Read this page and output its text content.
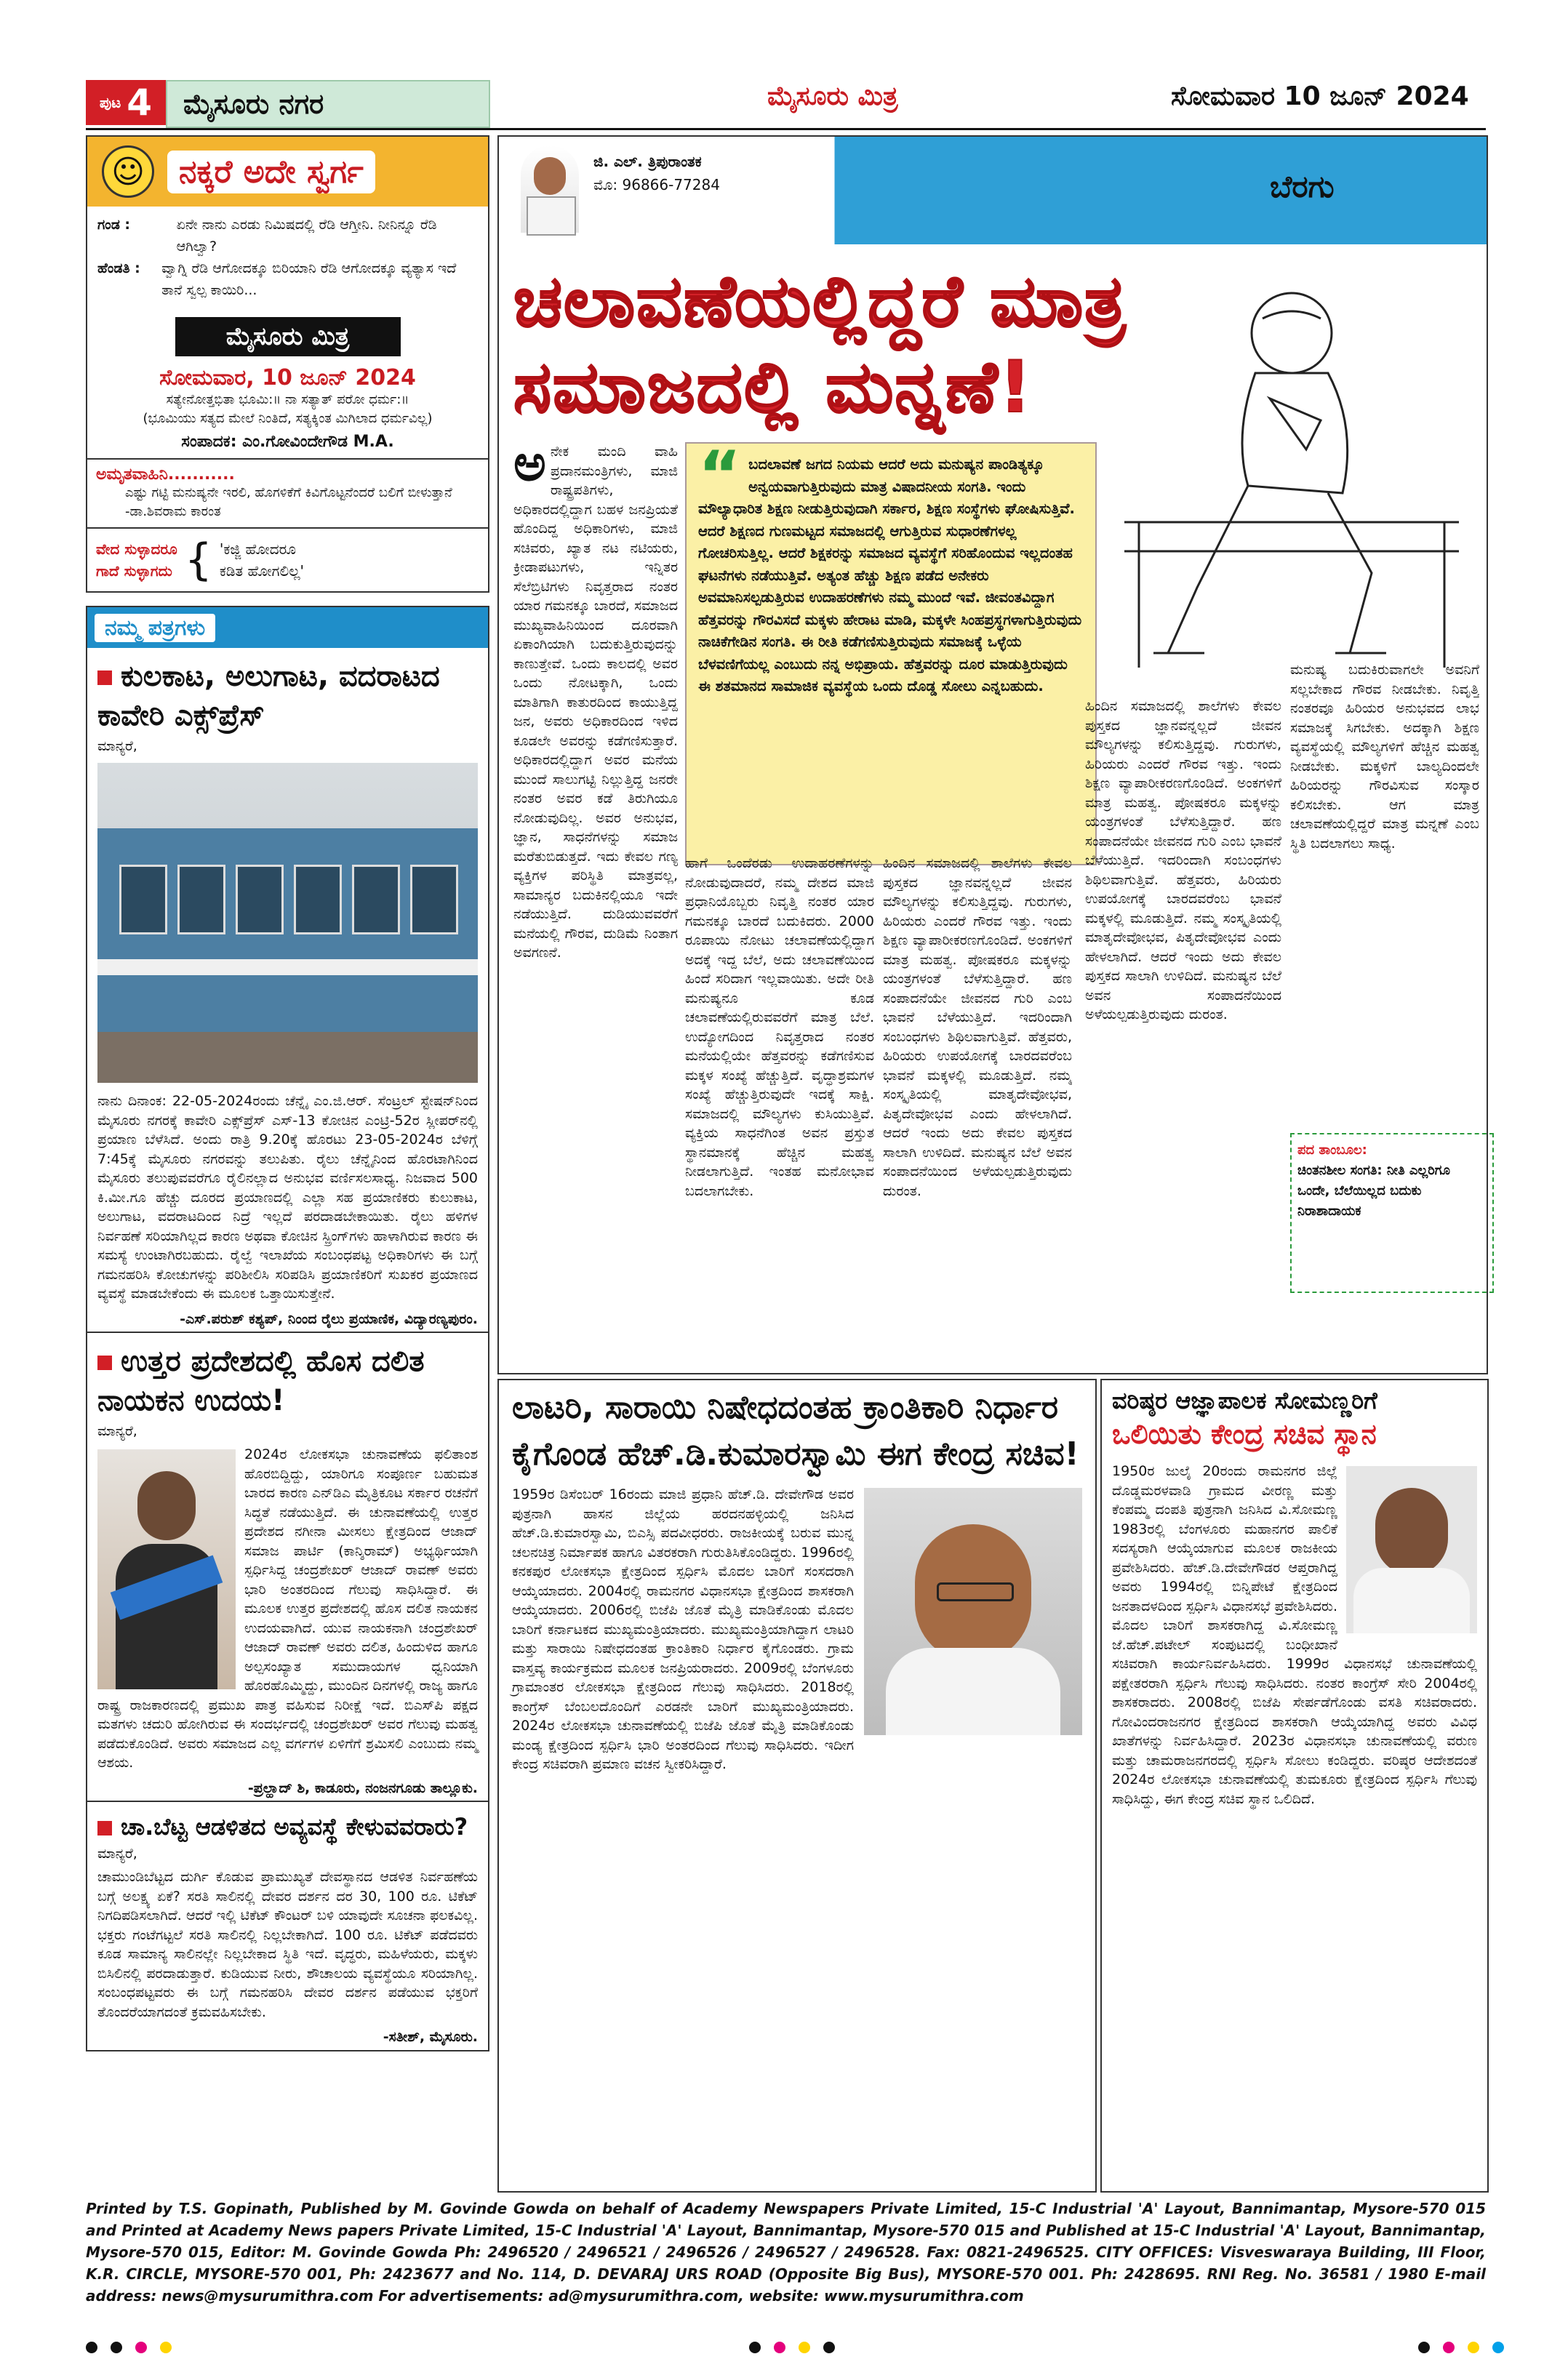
ಪುಟ 4	ಮೈಸೂರು ನಗರ	ಮೈಸೂರು ಮಿತ್ರ	ಸೋಮವಾರ 10 ಜೂನ್ 2024
☺	ನಕ್ಕರೆ ಅದೇ ಸ್ವರ್ಗ
ಗಂಡ :	ಏನೇ ನಾನು ಎರಡು ನಿಮಿಷದಲ್ಲಿ ರೆಡಿ ಆಗ್ತೀನಿ. ನೀನಿನ್ನೂ ರೆಡಿ ಆಗಿಲ್ವಾ?
ಹೆಂಡತಿ :	ವ್ವಾಗ್ನಿ ರೆಡಿ ಆಗೋದಕ್ಕೂ ಬಿರಿಯಾನಿ ರೆಡಿ ಆಗೋದಕ್ಕೂ ವ್ಯತ್ಯಾಸ ಇದೆ ತಾನೆ ಸ್ವಲ್ಪ ಕಾಯಿರಿ...
ಮೈಸೂರು ಮಿತ್ರ
ಸೋಮವಾರ, 10 ಜೂನ್ 2024
ಸತ್ಯೇನೋತ್ತಭಿತಾ ಭೂಮಿ:॥ ನಾ ಸತ್ಯಾತ್ ಪರೋ ಧರ್ಮ:॥
(ಭೂಮಿಯು ಸತ್ಯದ ಮೇಲೆ ನಿಂತಿದೆ, ಸತ್ಯಕ್ಕಿಂತ ಮಿಗಿಲಾದ ಧರ್ಮವಿಲ್ಲ)
ಸಂಪಾದಕ: ಎಂ.ಗೋವಿಂದೇಗೌಡ M.A.
ಅಮೃತವಾಹಿನಿ...........
ಎಷ್ಟು ಗಟ್ಟಿ ಮನುಷ್ಯನೇ ಇರಲಿ, ಹೊಗಳಿಕೆಗೆ ಕಿವಿಗೊಟ್ಟನೆಂದರೆ ಬಲಿಗೆ ಬೀಳುತ್ತಾನೆ -ಡಾ.ಶಿವರಾಮ ಕಾರಂತ
ವೇದ ಸುಳ್ಳಾದರೂ
ಗಾದೆ ಸುಳ್ಳಾಗದು { 'ಕಜ್ಜಿ ಹೋದರೂ
ಕಡಿತ ಹೋಗಲಿಲ್ಲ'
ನಮ್ಮ ಪತ್ರಗಳು
ಕುಲಕಾಟ, ಅಲುಗಾಟ, ವದರಾಟದ ಕಾವೇರಿ ಎಕ್ಸ್‌ಪ್ರೆಸ್
ಮಾನ್ಯರೆ,
ನಾನು ದಿನಾಂಕ: 22-05-2024ರಂದು ಚೆನ್ನೈ ಎಂ.ಜಿ.ಆರ್. ಸೆಂಟ್ರಲ್ ಸ್ಟೇಷನ್‌ನಿಂದ ಮೈಸೂರು ನಗರಕ್ಕೆ ಕಾವೇರಿ ಎಕ್ಸ್‌ಪ್ರೆಸ್ ಎಸ್-13 ಕೋಚಿನ ಎಂಟ್ರಿ-52ರ ಸ್ಲೀಪರ್‌ನಲ್ಲಿ ಪ್ರಯಾಣ ಬೆಳೆಸಿದೆ. ಅಂದು ರಾತ್ರಿ 9.20ಕ್ಕೆ ಹೊರಟು 23-05-2024ರ ಬೆಳಿಗ್ಗೆ 7:45ಕ್ಕೆ ಮೈಸೂರು ನಗರವನ್ನು ತಲುಪಿತು. ರೈಲು ಚೆನ್ನೈನಿಂದ ಹೊರಟಾಗಿನಿಂದ ಮೈಸೂರು ತಲುಪುವವರೆಗೂ ರೈಲಿನಲ್ಲಾದ ಅನುಭವ ವರ್ಣಿಸಲಸಾಧ್ಯ. ನಿಜವಾದ 500 ಕಿ.ಮೀ.ಗೂ ಹೆಚ್ಚು ದೂರದ ಪ್ರಯಾಣದಲ್ಲಿ ಎಲ್ಲಾ ಸಹ ಪ್ರಯಾಣಿಕರು ಕುಲುಕಾಟ, ಅಲುಗಾಟ, ವದರಾಟದಿಂದ ನಿದ್ರೆ ಇಲ್ಲದೆ ಪರದಾಡಬೇಕಾಯಿತು. ರೈಲು ಹಳಿಗಳ ನಿರ್ವಹಣೆ ಸರಿಯಾಗಿಲ್ಲದ ಕಾರಣ ಅಥವಾ ಕೋಚಿನ ಸ್ಪ್ರಿಂಗ್‌ಗಳು ಹಾಳಾಗಿರುವ ಕಾರಣ ಈ ಸಮಸ್ಯೆ ಉಂಟಾಗಿರಬಹುದು. ರೈಲ್ವೆ ಇಲಾಖೆಯ ಸಂಬಂಧಪಟ್ಟ ಅಧಿಕಾರಿಗಳು ಈ ಬಗ್ಗೆ ಗಮನಹರಿಸಿ ಕೋಚುಗಳನ್ನು ಪರಿಶೀಲಿಸಿ ಸರಿಪಡಿಸಿ ಪ್ರಯಾಣಿಕರಿಗೆ ಸುಖಕರ ಪ್ರಯಾಣದ ವ್ಯವಸ್ಥೆ ಮಾಡಬೇಕೆಂದು ಈ ಮೂಲಕ ಒತ್ತಾಯಿಸುತ್ತೇನೆ.
-ಎಸ್.ಪರುಶ್ ಕಶ್ಯಪ್, ನಿಂಂದ ರೈಲು ಪ್ರಯಾಣಿಕ, ವಿದ್ಯಾರಣ್ಯಪುರಂ.
ಉತ್ತರ ಪ್ರದೇಶದಲ್ಲಿ ಹೊಸ ದಲಿತ ನಾಯಕನ ಉದಯ!
ಮಾನ್ಯರೆ,
2024ರ ಲೋಕಸಭಾ ಚುನಾವಣೆಯ ಫಲಿತಾಂಶ ಹೊರಬಿದ್ದಿದ್ದು, ಯಾರಿಗೂ ಸಂಪೂರ್ಣ ಬಹುಮತ ಬಾರದ ಕಾರಣ ಎನ್‌ಡಿಎ ಮೈತ್ರಿಕೂಟ ಸರ್ಕಾರ ರಚನೆಗೆ ಸಿದ್ಧತೆ ನಡೆಯುತ್ತಿದೆ. ಈ ಚುನಾವಣೆಯಲ್ಲಿ ಉತ್ತರ ಪ್ರದೇಶದ ನಗೀನಾ ಮೀಸಲು ಕ್ಷೇತ್ರದಿಂದ ಆಜಾದ್ ಸಮಾಜ ಪಾರ್ಟಿ (ಕಾನ್ಶಿರಾಮ್) ಅಭ್ಯರ್ಥಿಯಾಗಿ ಸ್ಪರ್ಧಿಸಿದ್ದ ಚಂದ್ರಶೇಖರ್ ಆಜಾದ್ ರಾವಣ್ ಅವರು ಭಾರಿ ಅಂತರದಿಂದ ಗೆಲುವು ಸಾಧಿಸಿದ್ದಾರೆ. ಈ ಮೂಲಕ ಉತ್ತರ ಪ್ರದೇಶದಲ್ಲಿ ಹೊಸ ದಲಿತ ನಾಯಕನ ಉದಯವಾಗಿದೆ. ಯುವ ನಾಯಕನಾಗಿ ಚಂದ್ರಶೇಖರ್ ಆಜಾದ್ ರಾವಣ್ ಅವರು ದಲಿತ, ಹಿಂದುಳಿದ ಹಾಗೂ ಅಲ್ಪಸಂಖ್ಯಾತ ಸಮುದಾಯಗಳ ಧ್ವನಿಯಾಗಿ ಹೊರಹೊಮ್ಮಿದ್ದು, ಮುಂದಿನ ದಿನಗಳಲ್ಲಿ ರಾಜ್ಯ ಹಾಗೂ ರಾಷ್ಟ್ರ ರಾಜಕಾರಣದಲ್ಲಿ ಪ್ರಮುಖ ಪಾತ್ರ ವಹಿಸುವ ನಿರೀಕ್ಷೆ ಇದೆ. ಬಿಎಸ್‌ಪಿ ಪಕ್ಷದ ಮತಗಳು ಚದುರಿ ಹೋಗಿರುವ ಈ ಸಂದರ್ಭದಲ್ಲಿ ಚಂದ್ರಶೇಖರ್ ಅವರ ಗೆಲುವು ಮಹತ್ವ ಪಡೆದುಕೊಂಡಿದೆ. ಅವರು ಸಮಾಜದ ಎಲ್ಲ ವರ್ಗಗಳ ಏಳಿಗೆಗೆ ಶ್ರಮಿಸಲಿ ಎಂಬುದು ನಮ್ಮ ಆಶಯ.
-ಪ್ರಲ್ಹಾದ್ ಶಿ, ಕಾಡೂರು, ನಂಜನಗೂಡು ತಾಲ್ಲೂಕು.
ಚಾ.ಬೆಟ್ಟ ಆಡಳಿತದ ಅವ್ಯವಸ್ಥೆ ಕೇಳುವವರಾರು?
ಮಾನ್ಯರೆ,
ಚಾಮುಂಡಿಬೆಟ್ಟದ ದುರ್ಗಿ ಕೊಡುವ ಪ್ರಾಮುಖ್ಯತೆ ದೇವಸ್ಥಾನದ ಆಡಳಿತ ನಿರ್ವಹಣೆಯ ಬಗ್ಗೆ ಅಲಕ್ಷ್ಯ ಏಕೆ? ಸರತಿ ಸಾಲಿನಲ್ಲಿ ದೇವರ ದರ್ಶನ ದರ 30, 100 ರೂ. ಟಿಕೆಟ್ ನಿಗದಿಪಡಿಸಲಾಗಿದೆ. ಆದರೆ ಇಲ್ಲಿ ಟಿಕೆಟ್ ಕೌಂಟರ್ ಬಳಿ ಯಾವುದೇ ಸೂಚನಾ ಫಲಕವಿಲ್ಲ. ಭಕ್ತರು ಗಂಟೆಗಟ್ಟಲೆ ಸರತಿ ಸಾಲಿನಲ್ಲಿ ನಿಲ್ಲಬೇಕಾಗಿದೆ. 100 ರೂ. ಟಿಕೆಟ್ ಪಡೆದವರು ಕೂಡ ಸಾಮಾನ್ಯ ಸಾಲಿನಲ್ಲೇ ನಿಲ್ಲಬೇಕಾದ ಸ್ಥಿತಿ ಇದೆ. ವೃದ್ಧರು, ಮಹಿಳೆಯರು, ಮಕ್ಕಳು ಬಿಸಿಲಿನಲ್ಲಿ ಪರದಾಡುತ್ತಾರೆ. ಕುಡಿಯುವ ನೀರು, ಶೌಚಾಲಯ ವ್ಯವಸ್ಥೆಯೂ ಸರಿಯಾಗಿಲ್ಲ. ಸಂಬಂಧಪಟ್ಟವರು ಈ ಬಗ್ಗೆ ಗಮನಹರಿಸಿ ದೇವರ ದರ್ಶನ ಪಡೆಯುವ ಭಕ್ತರಿಗೆ ತೊಂದರೆಯಾಗದಂತೆ ಕ್ರಮವಹಿಸಬೇಕು.
-ಸತೀಶ್, ಮೈಸೂರು.
ಜಿ. ಎಲ್. ತ್ರಿಪುರಾಂತಕ
ಮೊ: 96866-77284	ಬೆರಗು
ಚಲಾವಣೆಯಲ್ಲಿದ್ದರೆ ಮಾತ್ರ
ಸಮಾಜದಲ್ಲಿ ಮನ್ನಣೆ!
“ ಬದಲಾವಣೆ ಜಗದ ನಿಯಮ ಆದರೆ ಅದು ಮನುಷ್ಯನ ಪಾಂಡಿತ್ಯಕ್ಕೂ ಅನ್ವಯವಾಗುತ್ತಿರುವುದು ಮಾತ್ರ ವಿಷಾದನೀಯ ಸಂಗತಿ. ಇಂದು ಮೌಲ್ಯಾಧಾರಿತ ಶಿಕ್ಷಣ ನೀಡುತ್ತಿರುವುದಾಗಿ ಸರ್ಕಾರ, ಶಿಕ್ಷಣ ಸಂಸ್ಥೆಗಳು ಘೋಷಿಸುತ್ತಿವೆ. ಆದರೆ ಶಿಕ್ಷಣದ ಗುಣಮಟ್ಟದ ಸಮಾಜದಲ್ಲಿ ಆಗುತ್ತಿರುವ ಸುಧಾರಣೆಗಳಲ್ಲ ಗೋಚರಿಸುತ್ತಿಲ್ಲ. ಆದರೆ ಶಿಕ್ಷಕರನ್ನು ಸಮಾಜದ ವ್ಯವಸ್ಥೆಗೆ ಸರಿಹೊಂದುವ ಇಲ್ಲದಂತಹ ಘಟನೆಗಳು ನಡೆಯುತ್ತಿವೆ. ಅತ್ಯಂತ ಹೆಚ್ಚು ಶಿಕ್ಷಣ ಪಡೆದ ಅನೇಕರು ಅವಮಾನಿಸಲ್ಪಡುತ್ತಿರುವ ಉದಾಹರಣೆಗಳು ನಮ್ಮ ಮುಂದೆ ಇವೆ. ಜೀವಂತವಿದ್ದಾಗ ಹೆತ್ತವರನ್ನು ಗೌರವಿಸದೆ ಮಕ್ಕಳು ಹೇರಾಟ ಮಾಡಿ, ಮಕ್ಕಳೇ ಸಿಂಹಪ್ರಸ್ಥಗಳಾಗುತ್ತಿರುವುದು ನಾಚಿಕೆಗೇಡಿನ ಸಂಗತಿ. ಈ ರೀತಿ ಕಡೆಗಣಿಸುತ್ತಿರುವುದು ಸಮಾಜಕ್ಕೆ ಒಳ್ಳೆಯ ಬೆಳವಣಿಗೆಯಲ್ಲ ಎಂಬುದು ನನ್ನ ಅಭಿಪ್ರಾಯ. ಹೆತ್ತವರನ್ನು ದೂರ ಮಾಡುತ್ತಿರುವುದು ಈ ಶತಮಾನದ ಸಾಮಾಜಿಕ ವ್ಯವಸ್ಥೆಯ ಒಂದು ದೊಡ್ಡ ಸೋಲು ಎನ್ನಬಹುದು.
ಅ ನೇಕ ಮಂದಿ ವಾಹಿ ಪ್ರದಾನಮಂತ್ರಿಗಳು, ಮಾಜಿ ರಾಷ್ಟ್ರಪತಿಗಳು, ಅಧಿಕಾರದಲ್ಲಿದ್ದಾಗ ಬಹಳ ಜನಪ್ರಿಯತೆ ಹೊಂದಿದ್ದ ಅಧಿಕಾರಿಗಳು, ಮಾಜಿ ಸಚಿವರು, ಖ್ಯಾತ ನಟ ನಟಿಯರು, ಕ್ರೀಡಾಪಟುಗಳು, ಇನ್ನಿತರ ಸೆಲೆಬ್ರಿಟಿಗಳು ನಿವೃತ್ತರಾದ ನಂತರ ಯಾರ ಗಮನಕ್ಕೂ ಬಾರದೆ, ಸಮಾಜದ ಮುಖ್ಯವಾಹಿನಿಯಿಂದ ದೂರವಾಗಿ ಏಕಾಂಗಿಯಾಗಿ ಬದುಕುತ್ತಿರುವುದನ್ನು ಕಾಣುತ್ತೇವೆ. ಒಂದು ಕಾಲದಲ್ಲಿ ಅವರ ಒಂದು ನೋಟಕ್ಕಾಗಿ, ಒಂದು ಮಾತಿಗಾಗಿ ಕಾತುರದಿಂದ ಕಾಯುತ್ತಿದ್ದ ಜನ, ಅವರು ಅಧಿಕಾರದಿಂದ ಇಳಿದ ಕೂಡಲೇ ಅವರನ್ನು ಕಡೆಗಣಿಸುತ್ತಾರೆ. ಅಧಿಕಾರದಲ್ಲಿದ್ದಾಗ ಅವರ ಮನೆಯ ಮುಂದೆ ಸಾಲುಗಟ್ಟಿ ನಿಲ್ಲುತ್ತಿದ್ದ ಜನರೇ ನಂತರ ಅವರ ಕಡೆ ತಿರುಗಿಯೂ ನೋಡುವುದಿಲ್ಲ. ಅವರ ಅನುಭವ, ಜ್ಞಾನ, ಸಾಧನೆಗಳನ್ನು ಸಮಾಜ ಮರೆತುಬಿಡುತ್ತದೆ. ಇದು ಕೇವಲ ಗಣ್ಯ ವ್ಯಕ್ತಿಗಳ ಪರಿಸ್ಥಿತಿ ಮಾತ್ರವಲ್ಲ, ಸಾಮಾನ್ಯರ ಬದುಕಿನಲ್ಲಿಯೂ ಇದೇ ನಡೆಯುತ್ತಿದೆ. ದುಡಿಯುವವರೆಗೆ ಮನೆಯಲ್ಲಿ ಗೌರವ, ದುಡಿಮೆ ನಿಂತಾಗ ಅವಗಣನೆ.
ಹಾಗೆ ಒಂದೆರಡು ಉದಾಹರಣೆಗಳನ್ನು ನೋಡುವುದಾದರೆ, ನಮ್ಮ ದೇಶದ ಮಾಜಿ ಪ್ರಧಾನಿಯೊಬ್ಬರು ನಿವೃತ್ತಿ ನಂತರ ಯಾರ ಗಮನಕ್ಕೂ ಬಾರದೆ ಬದುಕಿದರು. 2000 ರೂಪಾಯಿ ನೋಟು ಚಲಾವಣೆಯಲ್ಲಿದ್ದಾಗ ಅದಕ್ಕೆ ಇದ್ದ ಬೆಲೆ, ಅದು ಚಲಾವಣೆಯಿಂದ ಹಿಂದೆ ಸರಿದಾಗ ಇಲ್ಲವಾಯಿತು. ಅದೇ ರೀತಿ ಮನುಷ್ಯನೂ ಕೂಡ ಚಲಾವಣೆಯಲ್ಲಿರುವವರೆಗೆ ಮಾತ್ರ ಬೆಲೆ. ಉದ್ಯೋಗದಿಂದ ನಿವೃತ್ತರಾದ ನಂತರ ಮನೆಯಲ್ಲಿಯೇ ಹೆತ್ತವರನ್ನು ಕಡೆಗಣಿಸುವ ಮಕ್ಕಳ ಸಂಖ್ಯೆ ಹೆಚ್ಚುತ್ತಿದೆ. ವೃದ್ಧಾಶ್ರಮಗಳ ಸಂಖ್ಯೆ ಹೆಚ್ಚುತ್ತಿರುವುದೇ ಇದಕ್ಕೆ ಸಾಕ್ಷಿ. ಸಮಾಜದಲ್ಲಿ ಮೌಲ್ಯಗಳು ಕುಸಿಯುತ್ತಿವೆ. ವ್ಯಕ್ತಿಯ ಸಾಧನೆಗಿಂತ ಅವನ ಪ್ರಸ್ತುತ ಸ್ಥಾನಮಾನಕ್ಕೆ ಹೆಚ್ಚಿನ ಮಹತ್ವ ನೀಡಲಾಗುತ್ತಿದೆ. ಇಂತಹ ಮನೋಭಾವ ಬದಲಾಗಬೇಕು.
ಹಿಂದಿನ ಸಮಾಜದಲ್ಲಿ ಶಾಲೆಗಳು ಕೇವಲ ಪುಸ್ತಕದ ಜ್ಞಾನವನ್ನಲ್ಲದೆ ಜೀವನ ಮೌಲ್ಯಗಳನ್ನು ಕಲಿಸುತ್ತಿದ್ದವು. ಗುರುಗಳು, ಹಿರಿಯರು ಎಂದರೆ ಗೌರವ ಇತ್ತು. ಇಂದು ಶಿಕ್ಷಣ ವ್ಯಾಪಾರೀಕರಣಗೊಂಡಿದೆ. ಅಂಕಗಳಿಗೆ ಮಾತ್ರ ಮಹತ್ವ. ಪೋಷಕರೂ ಮಕ್ಕಳನ್ನು ಯಂತ್ರಗಳಂತೆ ಬೆಳೆಸುತ್ತಿದ್ದಾರೆ. ಹಣ ಸಂಪಾದನೆಯೇ ಜೀವನದ ಗುರಿ ಎಂಬ ಭಾವನೆ ಬೆಳೆಯುತ್ತಿದೆ. ಇದರಿಂದಾಗಿ ಸಂಬಂಧಗಳು ಶಿಥಿಲವಾಗುತ್ತಿವೆ. ಹೆತ್ತವರು, ಹಿರಿಯರು ಉಪಯೋಗಕ್ಕೆ ಬಾರದವರೆಂಬ ಭಾವನೆ ಮಕ್ಕಳಲ್ಲಿ ಮೂಡುತ್ತಿದೆ. ನಮ್ಮ ಸಂಸ್ಕೃತಿಯಲ್ಲಿ ಮಾತೃದೇವೋಭವ, ಪಿತೃದೇವೋಭವ ಎಂದು ಹೇಳಲಾಗಿದೆ. ಆದರೆ ಇಂದು ಅದು ಕೇವಲ ಪುಸ್ತಕದ ಸಾಲಾಗಿ ಉಳಿದಿದೆ. ಮನುಷ್ಯನ ಬೆಲೆ ಅವನ ಸಂಪಾದನೆಯಿಂದ ಅಳೆಯಲ್ಪಡುತ್ತಿರುವುದು ದುರಂತ.
ಹಿಂದಿನ ಸಮಾಜದಲ್ಲಿ ಶಾಲೆಗಳು ಕೇವಲ ಪುಸ್ತಕದ ಜ್ಞಾನವನ್ನಲ್ಲದೆ ಜೀವನ ಮೌಲ್ಯಗಳನ್ನು ಕಲಿಸುತ್ತಿದ್ದವು. ಗುರುಗಳು, ಹಿರಿಯರು ಎಂದರೆ ಗೌರವ ಇತ್ತು. ಇಂದು ಶಿಕ್ಷಣ ವ್ಯಾಪಾರೀಕರಣಗೊಂಡಿದೆ. ಅಂಕಗಳಿಗೆ ಮಾತ್ರ ಮಹತ್ವ. ಪೋಷಕರೂ ಮಕ್ಕಳನ್ನು ಯಂತ್ರಗಳಂತೆ ಬೆಳೆಸುತ್ತಿದ್ದಾರೆ. ಹಣ ಸಂಪಾದನೆಯೇ ಜೀವನದ ಗುರಿ ಎಂಬ ಭಾವನೆ ಬೆಳೆಯುತ್ತಿದೆ. ಇದರಿಂದಾಗಿ ಸಂಬಂಧಗಳು ಶಿಥಿಲವಾಗುತ್ತಿವೆ. ಹೆತ್ತವರು, ಹಿರಿಯರು ಉಪಯೋಗಕ್ಕೆ ಬಾರದವರೆಂಬ ಭಾವನೆ ಮಕ್ಕಳಲ್ಲಿ ಮೂಡುತ್ತಿದೆ. ನಮ್ಮ ಸಂಸ್ಕೃತಿಯಲ್ಲಿ ಮಾತೃದೇವೋಭವ, ಪಿತೃದೇವೋಭವ ಎಂದು ಹೇಳಲಾಗಿದೆ. ಆದರೆ ಇಂದು ಅದು ಕೇವಲ ಪುಸ್ತಕದ ಸಾಲಾಗಿ ಉಳಿದಿದೆ. ಮನುಷ್ಯನ ಬೆಲೆ ಅವನ ಸಂಪಾದನೆಯಿಂದ ಅಳೆಯಲ್ಪಡುತ್ತಿರುವುದು ದುರಂತ.
ಮನುಷ್ಯ ಬದುಕಿರುವಾಗಲೇ ಅವನಿಗೆ ಸಲ್ಲಬೇಕಾದ ಗೌರವ ನೀಡಬೇಕು. ನಿವೃತ್ತಿ ನಂತರವೂ ಹಿರಿಯರ ಅನುಭವದ ಲಾಭ ಸಮಾಜಕ್ಕೆ ಸಿಗಬೇಕು. ಅದಕ್ಕಾಗಿ ಶಿಕ್ಷಣ ವ್ಯವಸ್ಥೆಯಲ್ಲಿ ಮೌಲ್ಯಗಳಿಗೆ ಹೆಚ್ಚಿನ ಮಹತ್ವ ನೀಡಬೇಕು. ಮಕ್ಕಳಿಗೆ ಬಾಲ್ಯದಿಂದಲೇ ಹಿರಿಯರನ್ನು ಗೌರವಿಸುವ ಸಂಸ್ಕಾರ ಕಲಿಸಬೇಕು. ಆಗ ಮಾತ್ರ ಚಲಾವಣೆಯಲ್ಲಿದ್ದರೆ ಮಾತ್ರ ಮನ್ನಣೆ ಎಂಬ ಸ್ಥಿತಿ ಬದಲಾಗಲು ಸಾಧ್ಯ.
ಪದ ತಾಂಬೂಲ:
ಚಿಂತನಶೀಲ ಸಂಗತಿ: ನೀತಿ ಎಲ್ಲರಿಗೂ ಒಂದೇ, ಬೆಲೆಯಿಲ್ಲದ ಬದುಕು ನಿರಾಶಾದಾಯಕ
ಲಾಟರಿ, ಸಾರಾಯಿ ನಿಷೇಧದಂತಹ ಕ್ರಾಂತಿಕಾರಿ ನಿರ್ಧಾರ
ಕೈಗೊಂಡ ಹೆಚ್.ಡಿ.ಕುಮಾರಸ್ವಾಮಿ ಈಗ ಕೇಂದ್ರ ಸಚಿವ!
1959ರ ಡಿಸೆಂಬರ್ 16ರಂದು ಮಾಜಿ ಪ್ರಧಾನಿ ಹೆಚ್.ಡಿ. ದೇವೇಗೌಡ ಅವರ ಪುತ್ರನಾಗಿ ಹಾಸನ ಜಿಲ್ಲೆಯ ಹರದನಹಳ್ಳಿಯಲ್ಲಿ ಜನಿಸಿದ ಹೆಚ್.ಡಿ.ಕುಮಾರಸ್ವಾಮಿ, ಬಿಎಸ್ಸಿ ಪದವೀಧರರು. ರಾಜಕೀಯಕ್ಕೆ ಬರುವ ಮುನ್ನ ಚಲನಚಿತ್ರ ನಿರ್ಮಾಪಕ ಹಾಗೂ ವಿತರಕರಾಗಿ ಗುರುತಿಸಿಕೊಂಡಿದ್ದರು. 1996ರಲ್ಲಿ ಕನಕಪುರ ಲೋಕಸಭಾ ಕ್ಷೇತ್ರದಿಂದ ಸ್ಪರ್ಧಿಸಿ ಮೊದಲ ಬಾರಿಗೆ ಸಂಸದರಾಗಿ ಆಯ್ಕೆಯಾದರು. 2004ರಲ್ಲಿ ರಾಮನಗರ ವಿಧಾನಸಭಾ ಕ್ಷೇತ್ರದಿಂದ ಶಾಸಕರಾಗಿ ಆಯ್ಕೆಯಾದರು. 2006ರಲ್ಲಿ ಬಿಜೆಪಿ ಜೊತೆ ಮೈತ್ರಿ ಮಾಡಿಕೊಂಡು ಮೊದಲ ಬಾರಿಗೆ ಕರ್ನಾಟಕದ ಮುಖ್ಯಮಂತ್ರಿಯಾದರು. ಮುಖ್ಯಮಂತ್ರಿಯಾಗಿದ್ದಾಗ ಲಾಟರಿ ಮತ್ತು ಸಾರಾಯಿ ನಿಷೇಧದಂತಹ ಕ್ರಾಂತಿಕಾರಿ ನಿರ್ಧಾರ ಕೈಗೊಂಡರು. ಗ್ರಾಮ ವಾಸ್ತವ್ಯ ಕಾರ್ಯಕ್ರಮದ ಮೂಲಕ ಜನಪ್ರಿಯರಾದರು. 2009ರಲ್ಲಿ ಬೆಂಗಳೂರು ಗ್ರಾಮಾಂತರ ಲೋಕಸಭಾ ಕ್ಷೇತ್ರದಿಂದ ಗೆಲುವು ಸಾಧಿಸಿದರು. 2018ರಲ್ಲಿ ಕಾಂಗ್ರೆಸ್ ಬೆಂಬಲದೊಂದಿಗೆ ಎರಡನೇ ಬಾರಿಗೆ ಮುಖ್ಯಮಂತ್ರಿಯಾದರು. 2024ರ ಲೋಕಸಭಾ ಚುನಾವಣೆಯಲ್ಲಿ ಬಿಜೆಪಿ ಜೊತೆ ಮೈತ್ರಿ ಮಾಡಿಕೊಂಡು ಮಂಡ್ಯ ಕ್ಷೇತ್ರದಿಂದ ಸ್ಪರ್ಧಿಸಿ ಭಾರಿ ಅಂತರದಿಂದ ಗೆಲುವು ಸಾಧಿಸಿದರು. ಇದೀಗ ಕೇಂದ್ರ ಸಚಿವರಾಗಿ ಪ್ರಮಾಣ ವಚನ ಸ್ವೀಕರಿಸಿದ್ದಾರೆ.
ವರಿಷ್ಠರ ಆಜ್ಞಾಪಾಲಕ ಸೋಮಣ್ಣರಿಗೆ
ಒಲಿಯಿತು ಕೇಂದ್ರ ಸಚಿವ ಸ್ಥಾನ
1950ರ ಜುಲೈ 20ರಂದು ರಾಮನಗರ ಜಿಲ್ಲೆ ದೊಡ್ಡಮರಳವಾಡಿ ಗ್ರಾಮದ ವೀರಣ್ಣ ಮತ್ತು ಕೆಂಪಮ್ಮ ದಂಪತಿ ಪುತ್ರನಾಗಿ ಜನಿಸಿದ ವಿ.ಸೋಮಣ್ಣ 1983ರಲ್ಲಿ ಬೆಂಗಳೂರು ಮಹಾನಗರ ಪಾಲಿಕೆ ಸದಸ್ಯರಾಗಿ ಆಯ್ಕೆಯಾಗುವ ಮೂಲಕ ರಾಜಕೀಯ ಪ್ರವೇಶಿಸಿದರು. ಹೆಚ್.ಡಿ.ದೇವೇಗೌಡರ ಆಪ್ತರಾಗಿದ್ದ ಅವರು 1994ರಲ್ಲಿ ಬಿನ್ನಿಪೇಟೆ ಕ್ಷೇತ್ರದಿಂದ ಜನತಾದಳದಿಂದ ಸ್ಪರ್ಧಿಸಿ ವಿಧಾನಸಭೆ ಪ್ರವೇಶಿಸಿದರು. ಮೊದಲ ಬಾರಿಗೆ ಶಾಸಕರಾಗಿದ್ದ ವಿ.ಸೋಮಣ್ಣ ಜೆ.ಹೆಚ್.ಪಟೇಲ್ ಸಂಪುಟದಲ್ಲಿ ಬಂಧೀಖಾನೆ ಸಚಿವರಾಗಿ ಕಾರ್ಯನಿರ್ವಹಿಸಿದರು. 1999ರ ವಿಧಾನಸಭೆ ಚುನಾವಣೆಯಲ್ಲಿ ಪಕ್ಷೇತರರಾಗಿ ಸ್ಪರ್ಧಿಸಿ ಗೆಲುವು ಸಾಧಿಸಿದರು. ನಂತರ ಕಾಂಗ್ರೆಸ್ ಸೇರಿ 2004ರಲ್ಲಿ ಶಾಸಕರಾದರು. 2008ರಲ್ಲಿ ಬಿಜೆಪಿ ಸೇರ್ಪಡೆಗೊಂಡು ವಸತಿ ಸಚಿವರಾದರು. ಗೋವಿಂದರಾಜನಗರ ಕ್ಷೇತ್ರದಿಂದ ಶಾಸಕರಾಗಿ ಆಯ್ಕೆಯಾಗಿದ್ದ ಅವರು ವಿವಿಧ ಖಾತೆಗಳನ್ನು ನಿರ್ವಹಿಸಿದ್ದಾರೆ. 2023ರ ವಿಧಾನಸಭಾ ಚುನಾವಣೆಯಲ್ಲಿ ವರುಣ ಮತ್ತು ಚಾಮರಾಜನಗರದಲ್ಲಿ ಸ್ಪರ್ಧಿಸಿ ಸೋಲು ಕಂಡಿದ್ದರು. ವರಿಷ್ಠರ ಆದೇಶದಂತೆ 2024ರ ಲೋಕಸಭಾ ಚುನಾವಣೆಯಲ್ಲಿ ತುಮಕೂರು ಕ್ಷೇತ್ರದಿಂದ ಸ್ಪರ್ಧಿಸಿ ಗೆಲುವು ಸಾಧಿಸಿದ್ದು, ಈಗ ಕೇಂದ್ರ ಸಚಿವ ಸ್ಥಾನ ಒಲಿದಿದೆ.
Printed by T.S. Gopinath, Published by M. Govinde Gowda on behalf of Academy Newspapers Private Limited, 15-C Industrial 'A' Layout, Bannimantap, Mysore-570 015 and Printed at Academy News papers Private Limited, 15-C Industrial 'A' Layout, Bannimantap, Mysore-570 015 and Published at 15-C Industrial 'A' Layout, Bannimantap, Mysore-570 015, Editor: M. Govinde Gowda Ph: 2496520 / 2496521 / 2496526 / 2496527 / 2496528. Fax: 0821-2496525. CITY OFFICES: Visveswaraya Building, III Floor, K.R. CIRCLE, MYSORE-570 001, Ph: 2423677 and No. 114, D. DEVARAJ URS ROAD (Opposite Big Bus), MYSORE-570 001. Ph: 2428695. RNI Reg. No. 36581 / 1980 E-mail address: news@mysurumithra.com For advertisements: ad@mysurumithra.com, website: www.mysurumithra.com
